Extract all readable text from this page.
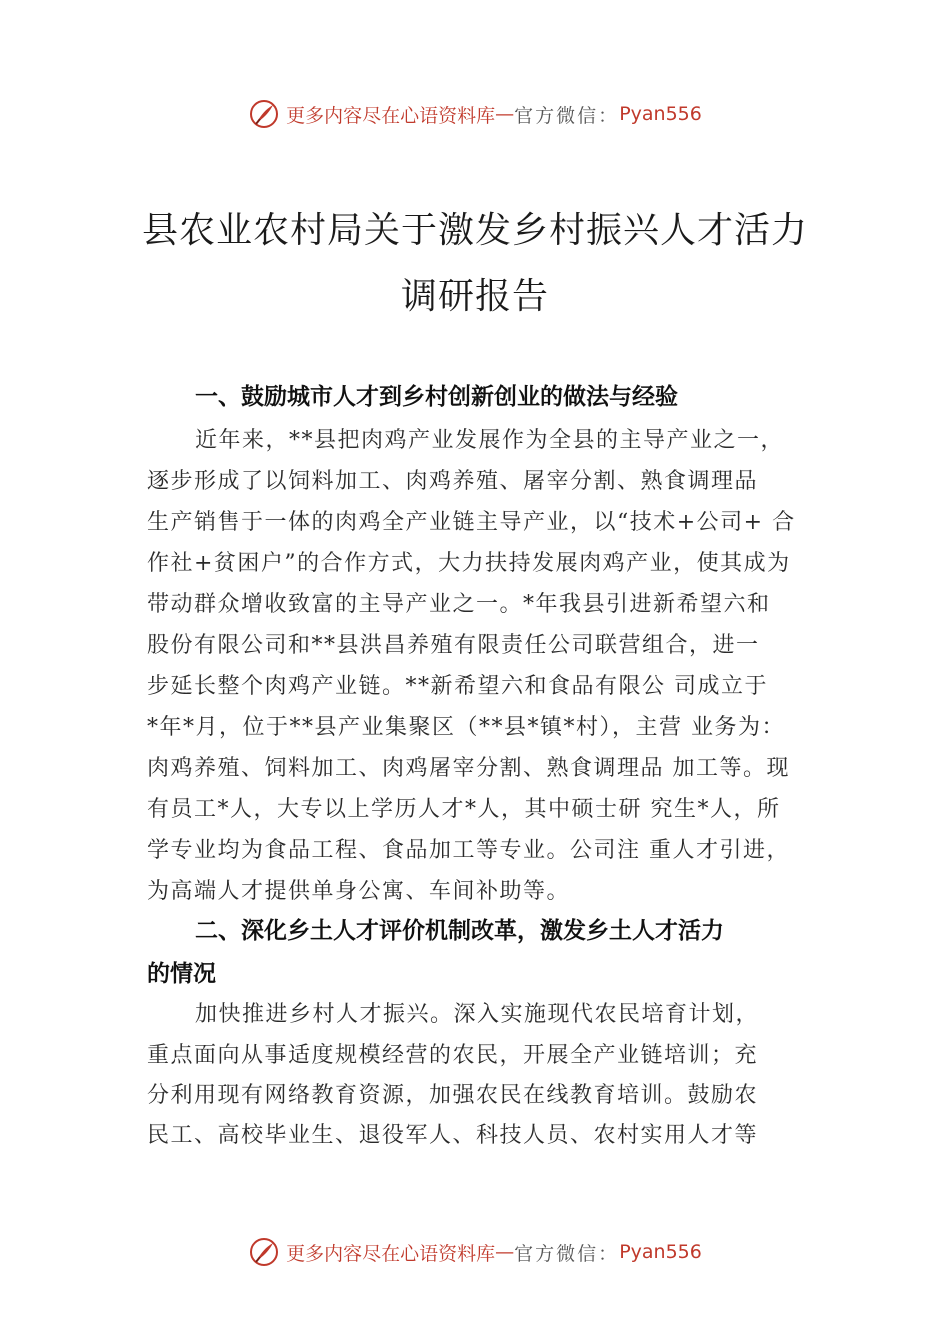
更多内容尽在心语资料库 — 官方微信： Pyan556
县农业农村局关于激发乡村振兴人才活力
调研报告
一、鼓励城市人才到乡村创新创业的做法与经验
近年来，**县把肉鸡产业发展作为全县的主导产业之一，
逐步形成了以饲料加工、肉鸡养殖、屠宰分割、熟食调理品
生产销售于一体的肉鸡全产业链主导产业，以“技术+公司+ 合
作社+贫困户”的合作方式，大力扶持发展肉鸡产业，使其成为
带动群众增收致富的主导产业之一。*年我县引进新希望六和
股份有限公司和**县洪昌养殖有限责任公司联营组合，进一
步延长整个肉鸡产业链。**新希望六和食品有限公 司成立于
*年*月，位于**县产业集聚区（**县*镇*村），主营 业务为：
肉鸡养殖、饲料加工、肉鸡屠宰分割、熟食调理品 加工等。现
有员工*人，大专以上学历人才*人，其中硕士研 究生*人，所
学专业均为食品工程、食品加工等专业。公司注 重人才引进，
为高端人才提供单身公寓、车间补助等。
二、深化乡土人才评价机制改革，激发乡土人才活力
的情况
加快推进乡村人才振兴。深入实施现代农民培育计划，
重点面向从事适度规模经营的农民，开展全产业链培训；充
分利用现有网络教育资源，加强农民在线教育培训。鼓励农
民工、高校毕业生、退役军人、科技人员、农村实用人才等
更多内容尽在心语资料库 — 官方微信： Pyan556
